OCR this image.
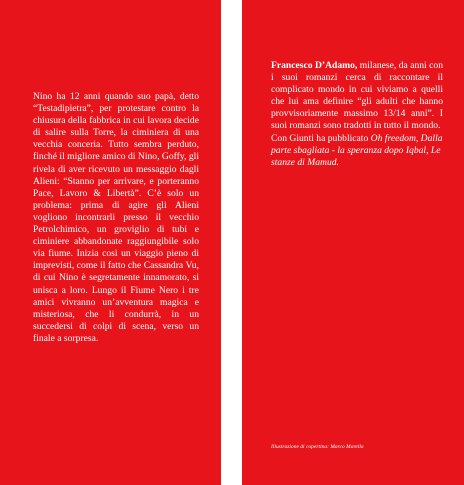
Nino ha 12 anni quando suo papà, detto “Testadipietra”, per protestare contro la chiusura della fabbrica in cui lavora decide di salire sulla Torre, la ciminiera di una vecchia conceria. Tutto sembra perduto, finché il migliore amico di Nino, Goffy, gli rivela di aver ricevuto un messaggio dagli Alieni: “Stanno per arrivare, e porteranno Pace, Lavoro & Libertà”. C’è solo un problema: prima di agire gli Alieni vogliono incontrarli presso il vecchio Petrolchimico, un groviglio di tubi e ciminiere abbandonate raggiungibile solo via fiume. Inizia così un viaggio pieno di imprevisti, come il fatto che Cassandra Vu, di cui Nino è segretamente innamorato, si unisca a loro. Lungo il Fiume Nero i tre amici vivranno un’avventura magica e misteriosa, che li condurrà, in un succedersi di colpi di scena, verso un finale a sorpresa.

Francesco D’Adamo, milanese, da anni con i suoi romanzi cerca di raccontare il complicato mondo in cui viviamo a quelli che lui ama definire “gli adulti che hanno provvisoriamente massimo 13/14 anni”. I suoi romanzi sono tradotti in tutto il mondo.

Con Giunti ha pubblicato Oh freedom, Dalla parte sbagliata - la speranza dopo Iqbal, Le stanze di Mamud.

Illustrazione di copertina: Marco Marella
